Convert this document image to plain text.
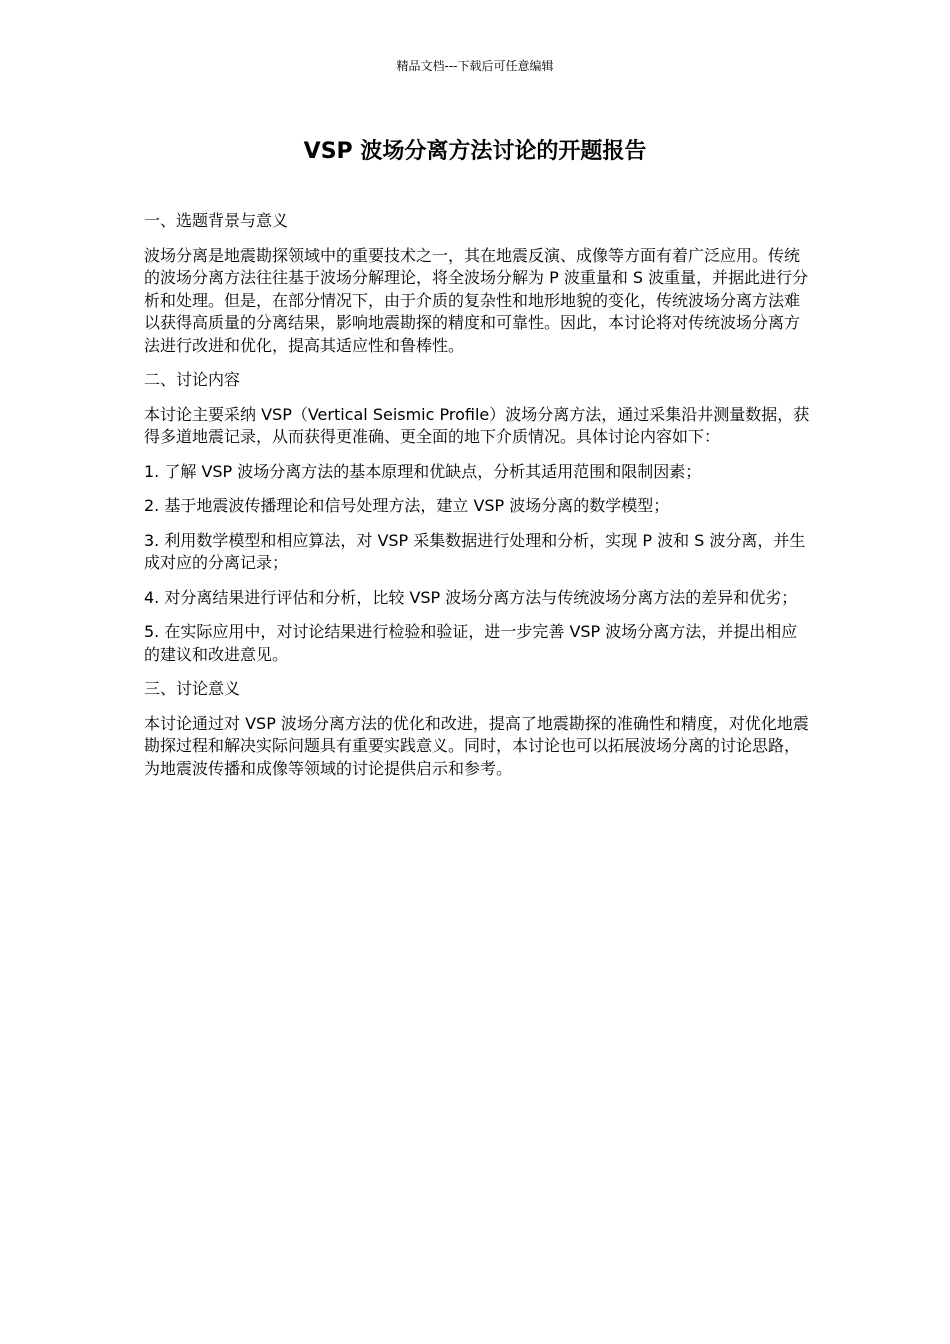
精品文档---下载后可任意编辑
VSP 波场分离方法讨论的开题报告

一、选题背景与意义

波场分离是地震勘探领域中的重要技术之一，其在地震反演、成像等方面有着广泛应用。传统的波场分离方法往往基于波场分解理论，将全波场分解为 P 波重量和 S 波重量，并据此进行分析和处理。但是，在部分情况下，由于介质的复杂性和地形地貌的变化，传统波场分离方法难以获得高质量的分离结果，影响地震勘探的精度和可靠性。因此，本讨论将对传统波场分离方法进行改进和优化，提高其适应性和鲁棒性。

二、讨论内容

本讨论主要采纳 VSP（Vertical Seismic Profile）波场分离方法，通过采集沿井测量数据，获得多道地震记录，从而获得更准确、更全面的地下介质情况。具体讨论内容如下：

1. 了解 VSP 波场分离方法的基本原理和优缺点，分析其适用范围和限制因素；

2. 基于地震波传播理论和信号处理方法，建立 VSP 波场分离的数学模型；

3. 利用数学模型和相应算法，对 VSP 采集数据进行处理和分析，实现 P 波和 S 波分离，并生成对应的分离记录；

4. 对分离结果进行评估和分析，比较 VSP 波场分离方法与传统波场分离方法的差异和优劣；

5. 在实际应用中，对讨论结果进行检验和验证，进一步完善 VSP 波场分离方法，并提出相应的建议和改进意见。

三、讨论意义

本讨论通过对 VSP 波场分离方法的优化和改进，提高了地震勘探的准确性和精度，对优化地震勘探过程和解决实际问题具有重要实践意义。同时，本讨论也可以拓展波场分离的讨论思路，为地震波传播和成像等领域的讨论提供启示和参考。
